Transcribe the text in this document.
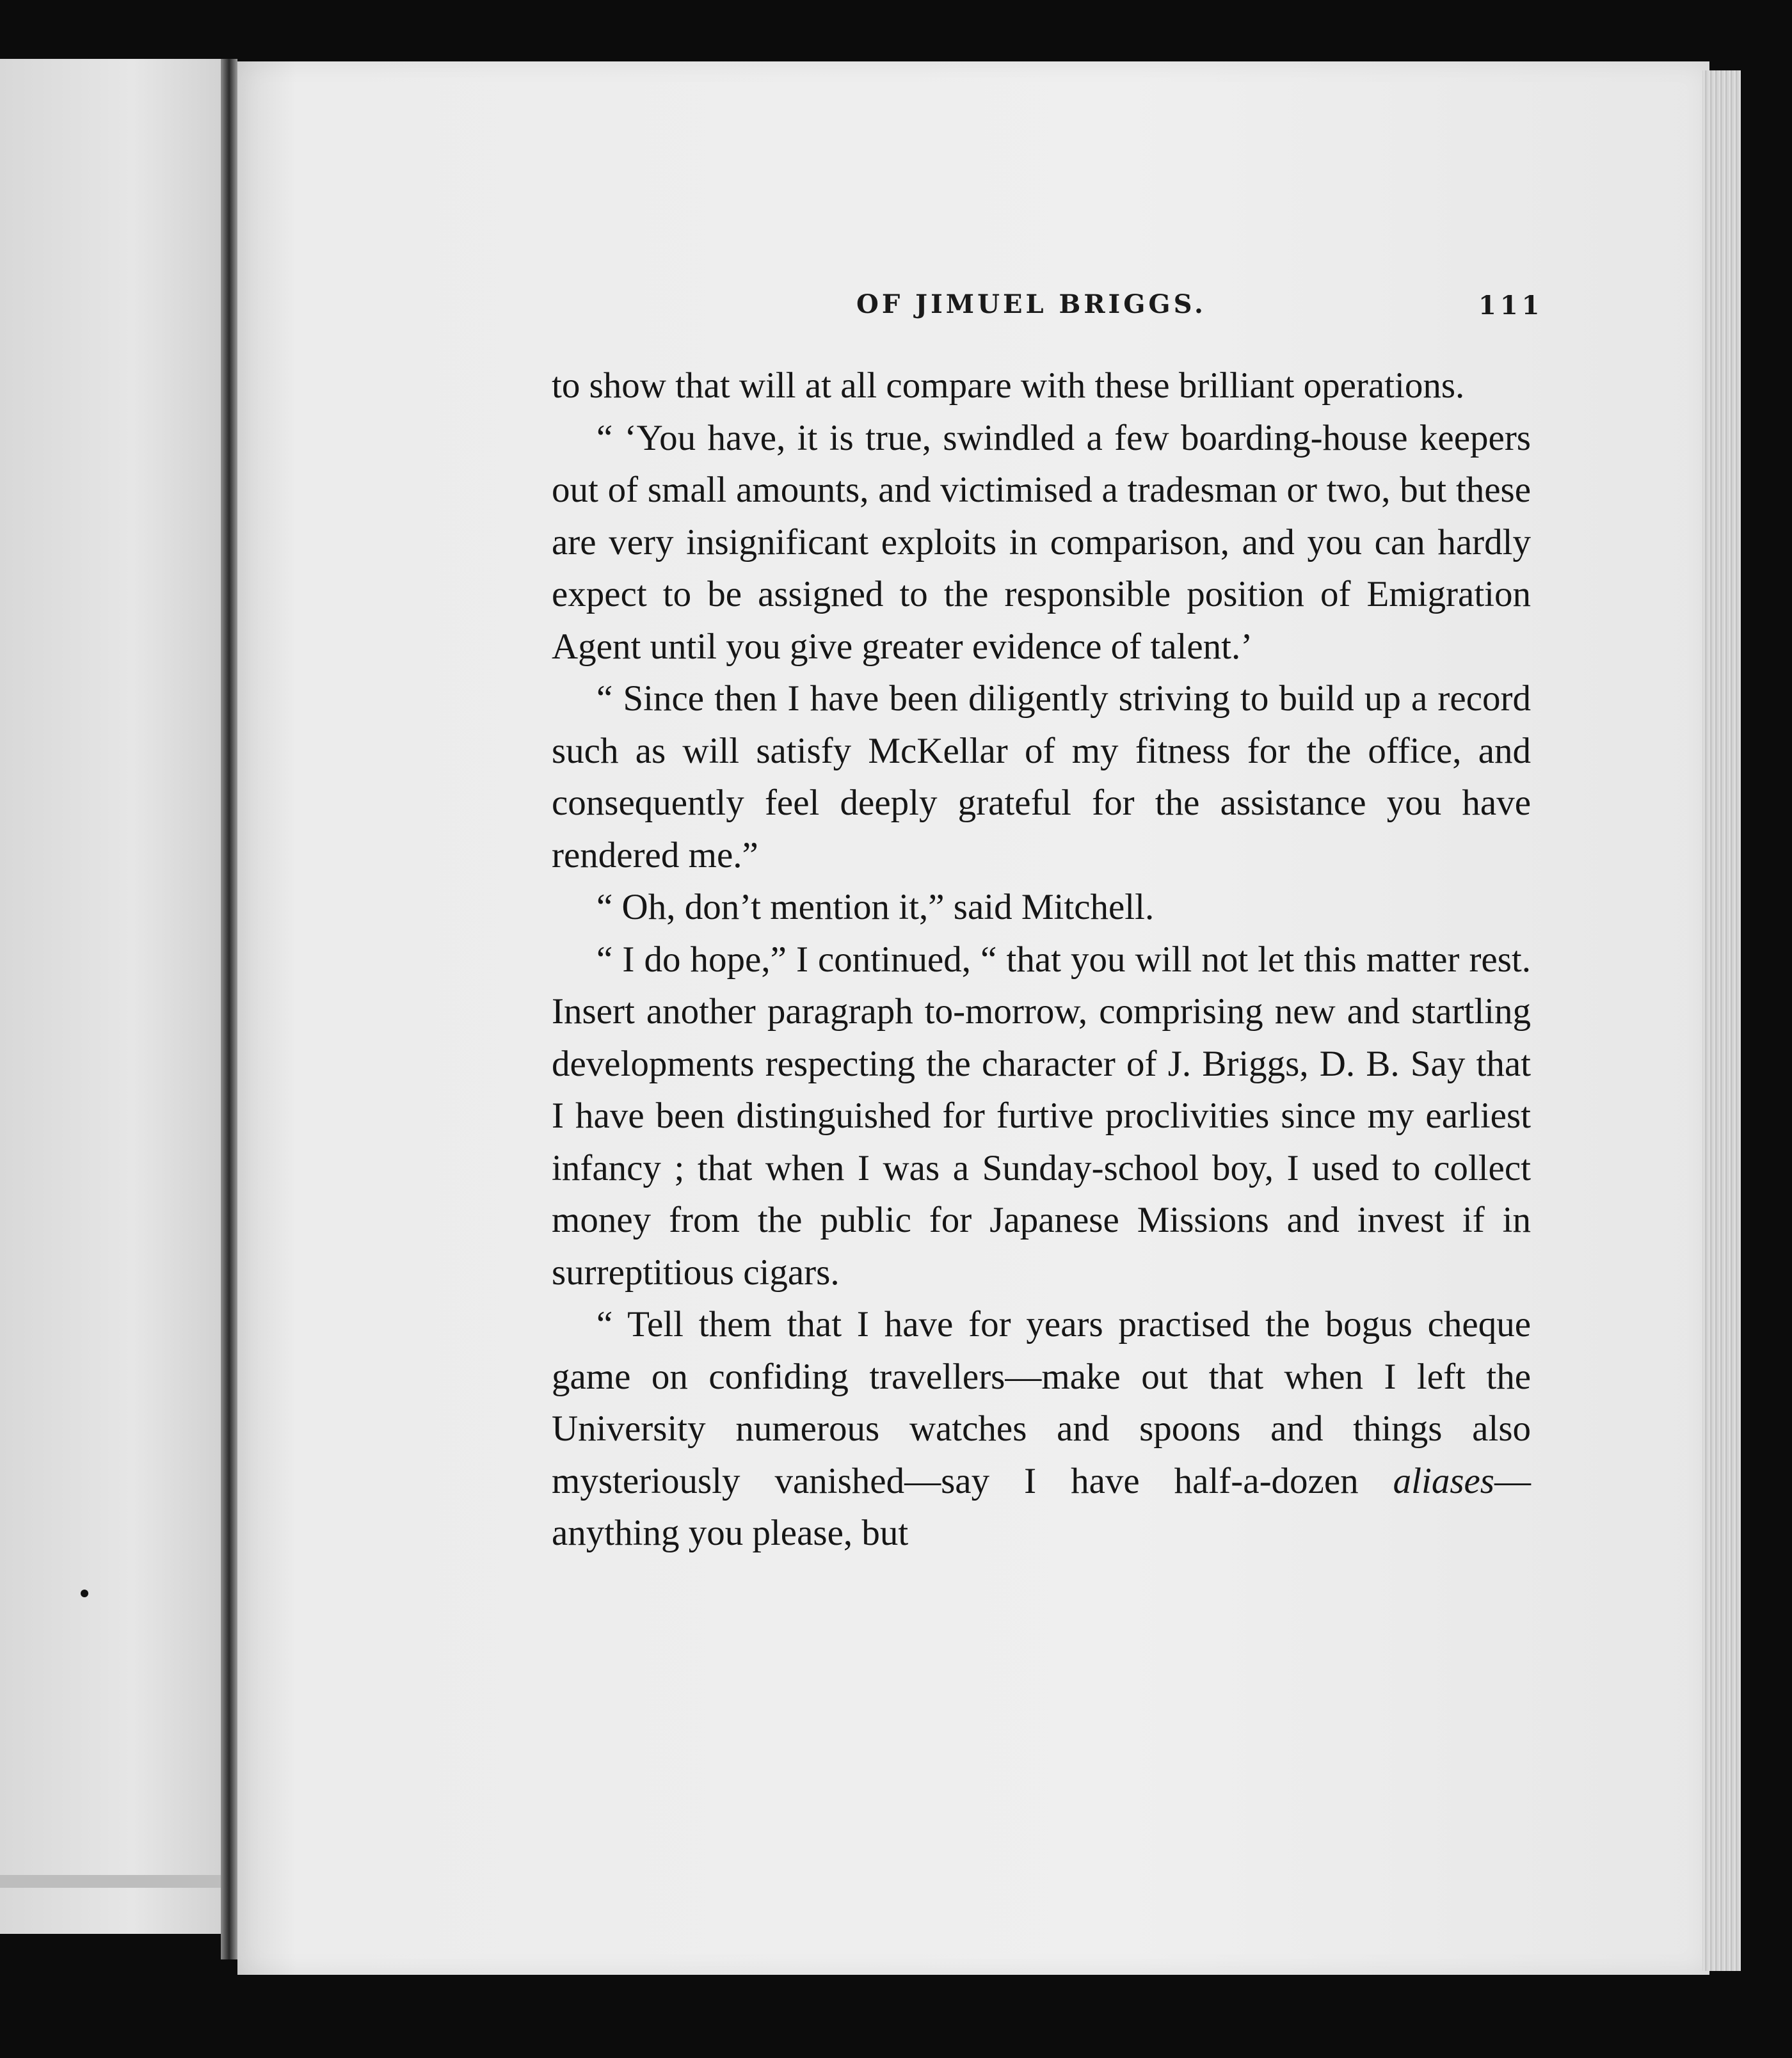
OF JIMUEL BRIGGS.	111

to show that will at all compare with these brilliant operations.

“ ‘You have, it is true, swindled a few boarding-house keepers out of small amounts, and victimised a tradesman or two, but these are very insignificant exploits in comparison, and you can hardly expect to be assigned to the responsible position of Emigration Agent until you give greater evidence of talent.’

“ Since then I have been diligently striving to build up a record such as will satisfy McKellar of my fitness for the office, and consequently feel deeply grateful for the assistance you have rendered me.”

“ Oh, don’t mention it,” said Mitchell.

“ I do hope,” I continued, “ that you will not let this matter rest. Insert another paragraph to-morrow, comprising new and startling developments respecting the character of J. Briggs, D. B. Say that I have been distinguished for furtive proclivities since my earliest infancy ; that when I was a Sunday-school boy, I used to collect money from the public for Japanese Missions and invest if in surreptitious cigars.

“ Tell them that I have for years practised the bogus cheque game on confiding travellers—make out that when I left the University numerous watches and spoons and things also mysteriously vanished—say I have half-a-dozen aliases—anything you please, but
